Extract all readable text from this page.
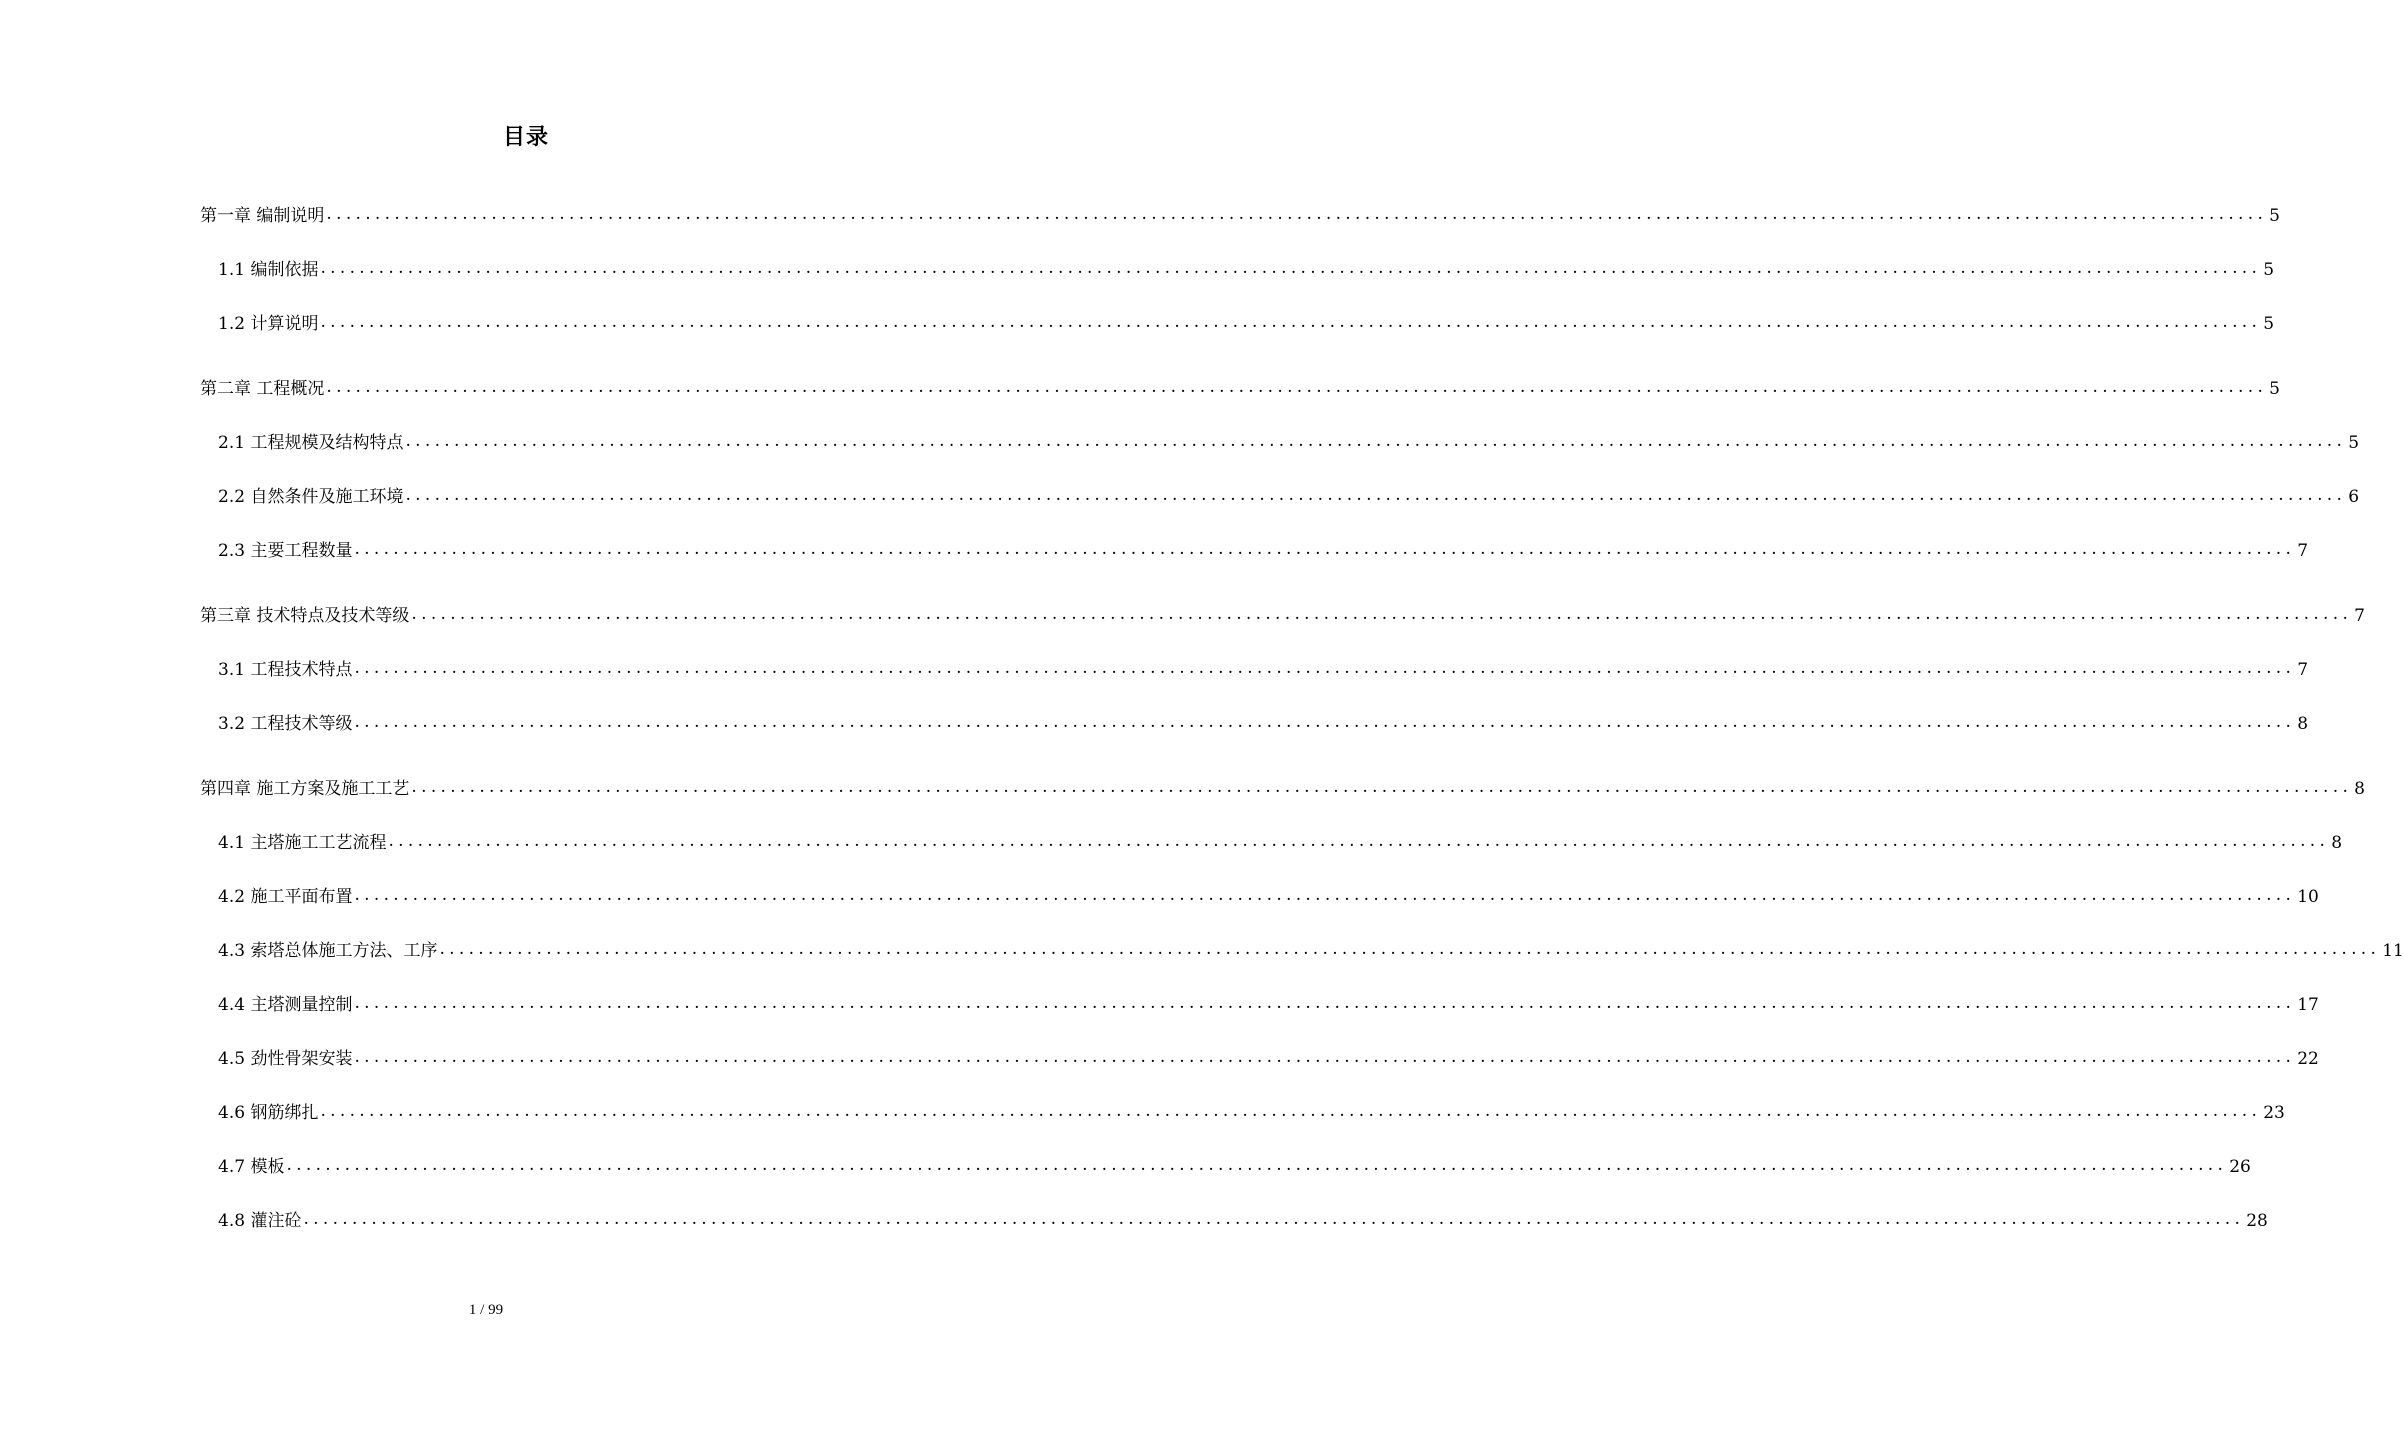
目录
第一章 编制说明 ........................................................................................................................................................................................................ 5
1.1 编制依据 ........................................................................................................................................................................................................ 5
1.2 计算说明 ........................................................................................................................................................................................................ 5
第二章 工程概况 ........................................................................................................................................................................................................ 5
2.1 工程规模及结构特点 ........................................................................................................................................................................................................ 5
2.2 自然条件及施工环境 ........................................................................................................................................................................................................ 6
2.3 主要工程数量 ........................................................................................................................................................................................................ 7
第三章 技术特点及技术等级 ........................................................................................................................................................................................................ 7
3.1 工程技术特点 ........................................................................................................................................................................................................ 7
3.2 工程技术等级 ........................................................................................................................................................................................................ 8
第四章 施工方案及施工工艺 ........................................................................................................................................................................................................ 8
4.1 主塔施工工艺流程 ........................................................................................................................................................................................................ 8
4.2 施工平面布置 ........................................................................................................................................................................................................ 10
4.3 索塔总体施工方法、工序 ........................................................................................................................................................................................................ 11
4.4 主塔测量控制 ........................................................................................................................................................................................................ 17
4.5 劲性骨架安装 ........................................................................................................................................................................................................ 22
4.6 钢筋绑扎 ........................................................................................................................................................................................................ 23
4.7 模板 ........................................................................................................................................................................................................ 26
4.8 灌注砼 ........................................................................................................................................................................................................ 28
1 / 99
